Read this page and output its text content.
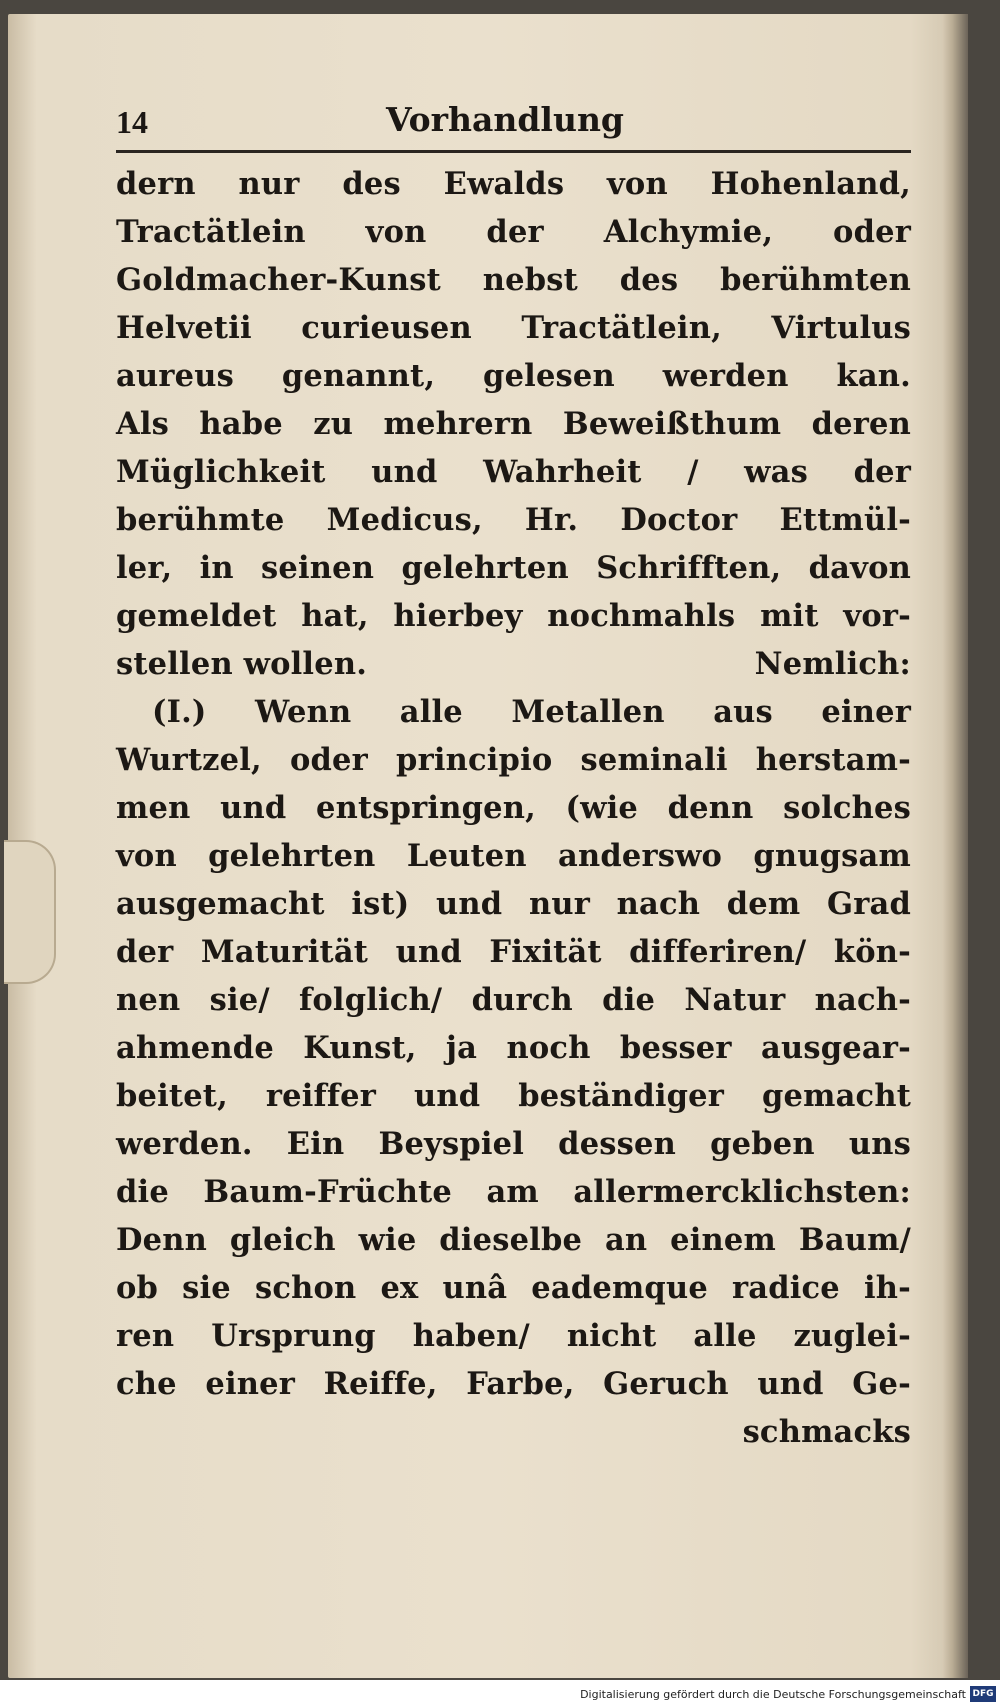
14	Vorhandlung
dern nur des Ewalds von Hohenland,
Tractätlein von der Alchymie, oder
Goldmacher-Kunst nebst des berühmten
Helvetii curieusen Tractätlein, Virtulus
aureus genannt, gelesen werden kan.
Als habe zu mehrern Beweißthum deren
Müglichkeit und Wahrheit / was der
berühmte Medicus, Hr. Doctor Ettmül-
ler, in seinen gelehrten Schrifften, davon
gemeldet hat, hierbey nochmahls mit vor-
stellen wollen.	Nemlich:
(I.) Wenn alle Metallen aus einer
Wurtzel, oder principio seminali herstam-
men und entspringen, (wie denn solches
von gelehrten Leuten anderswo gnugsam
ausgemacht ist) und nur nach dem Grad
der Maturität und Fixität differiren/ kön-
nen sie/ folglich/ durch die Natur nach-
ahmende Kunst, ja noch besser ausgear-
beitet, reiffer und beständiger gemacht
werden. Ein Beyspiel dessen geben uns
die Baum-Früchte am allermercklichsten:
Denn gleich wie dieselbe an einem Baum/
ob sie schon ex unâ eademque radice ih-
ren Ursprung haben/ nicht alle zuglei-
che einer Reiffe, Farbe, Geruch und Ge-
schmacks
Digitalisierung gefördert durch die Deutsche Forschungsgemeinschaft DFG
